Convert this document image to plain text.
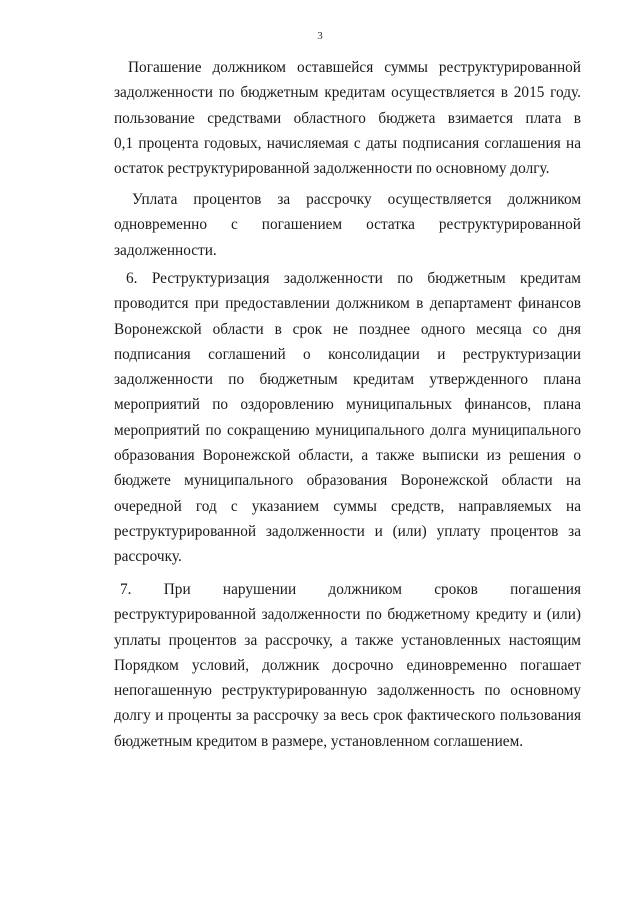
3
Погашение должником оставшейся суммы реструктурированной
задолженности по бюджетным кредитам осуществляется в 2015 году.
пользование средствами областного бюджета взимается плата в
0,1 процента годовых, начисляемая с даты подписания соглашения на
остаток реструктурированной задолженности по основному долгу.
Уплата процентов за рассрочку осуществляется должником
одновременно с погашением остатка реструктурированной
задолженности.
6. Реструктуризация задолженности по бюджетным кредитам
проводится при предоставлении должником в департамент финансов
Воронежской области в срок не позднее одного месяца со дня
подписания соглашений о консолидации и реструктуризации
задолженности по бюджетным кредитам утвержденного плана
мероприятий по оздоровлению муниципальных финансов, плана
мероприятий по сокращению муниципального долга муниципального
образования Воронежской области, а также выписки из решения о
бюджете муниципального образования Воронежской области на
очередной год с указанием суммы средств, направляемых на
реструктурированной задолженности и (или) уплату процентов за
рассрочку.
7. При нарушении должником сроков погашения
реструктурированной задолженности по бюджетному кредиту и (или)
уплаты процентов за рассрочку, а также установленных настоящим
Порядком условий, должник досрочно единовременно погашает
непогашенную реструктурированную задолженность по основному
долгу и проценты за рассрочку за весь срок фактического пользования
бюджетным кредитом в размере, установленном соглашением.
